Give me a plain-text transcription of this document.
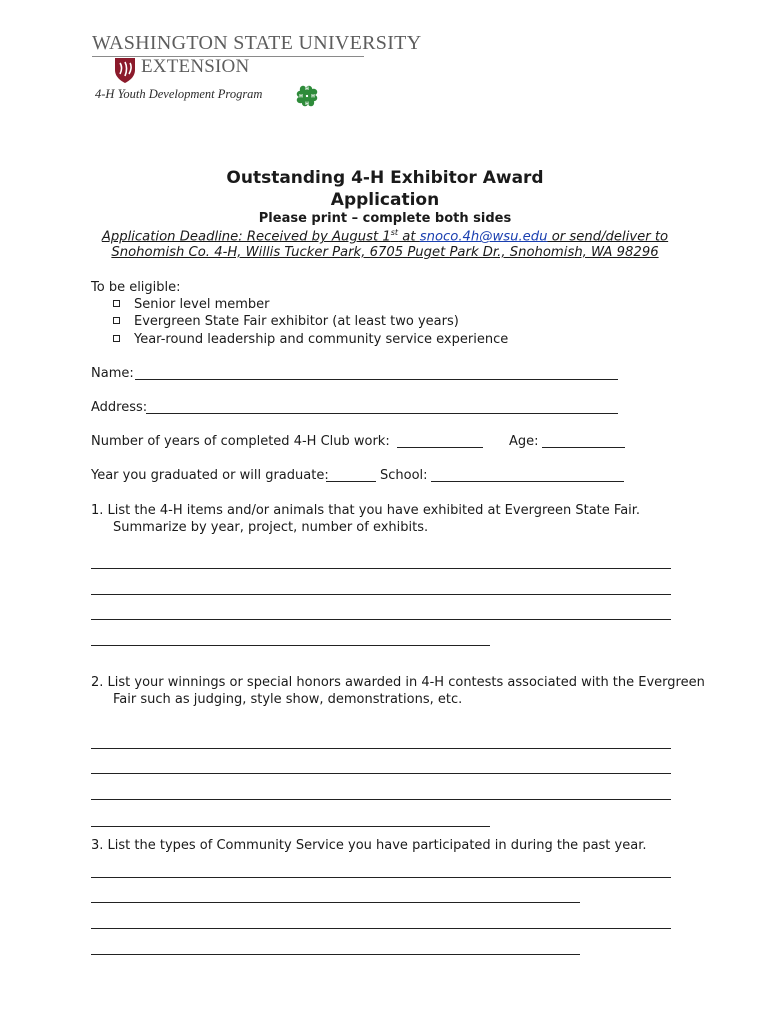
WASHINGTON STATE UNIVERSITY
EXTENSION
4-H Youth Development Program	H
H
H
H
Outstanding 4-H Exhibitor Award
Application
Please print – complete both sides
Application Deadline: Received by August 1st at snoco.4h@wsu.edu or send/deliver to
Snohomish Co. 4-H, Willis Tucker Park, 6705 Puget Park Dr., Snohomish, WA 98296
To be eligible:
Senior level member
Evergreen State Fair exhibitor (at least two years)
Year-round leadership and community service experience
Name:
Address:
Number of years of completed 4-H Club work:	Age:
Year you graduated or will graduate:	School:
1. List the 4-H items and/or animals that you have exhibited at Evergreen State Fair.
Summarize by year, project, number of exhibits.
2. List your winnings or special honors awarded in 4-H contests associated with the Evergreen
Fair such as judging, style show, demonstrations, etc.
3. List the types of Community Service you have participated in during the past year.
